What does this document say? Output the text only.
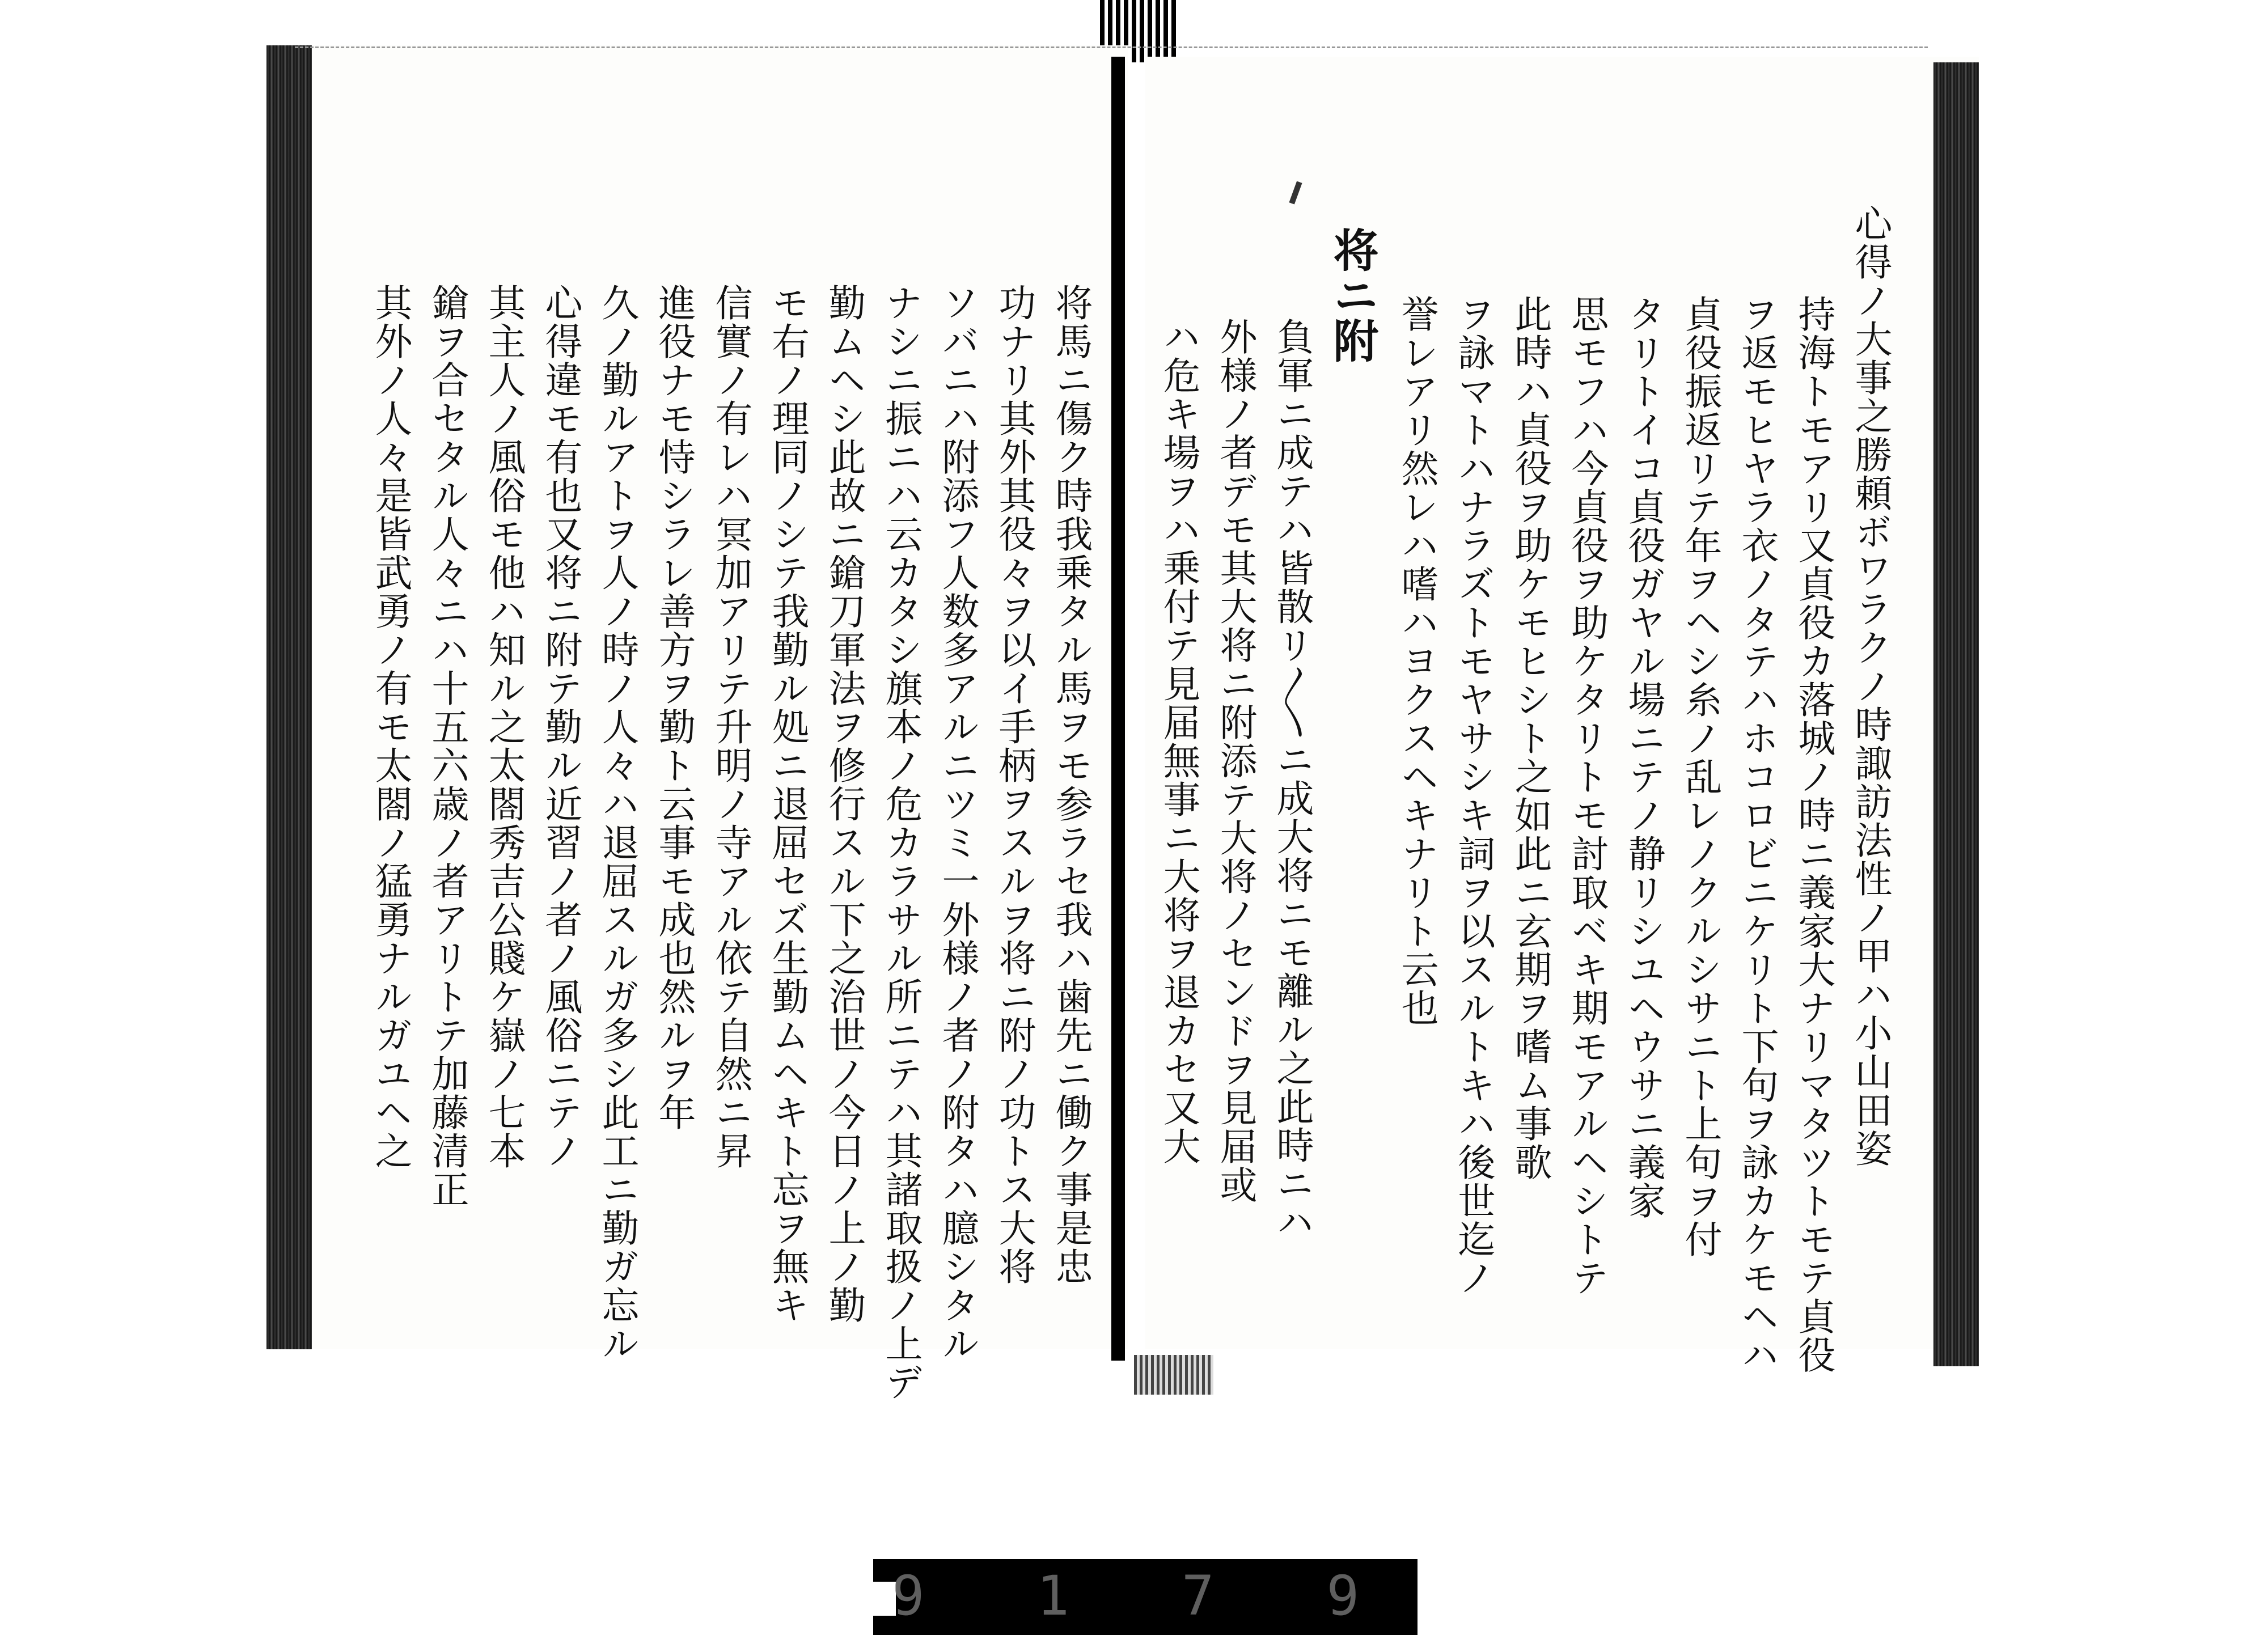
心得ノ大事之勝頼ボワラクノ時諏訪法性ノ甲ハ小山田姿
持海トモアリ又貞役カ落城ノ時ニ義家大ナリマタツトモテ貞役
ヲ返モヒヤラ衣ノタテハホコロビニケリト下句ヲ詠カケモヘハ
貞役振返リテ年ヲヘシ糸ノ乱レノクルシサニト上句ヲ付
タリトイコ貞役ガヤル場ニテノ静リシユヘウサニ義家
思モフハ今貞役ヲ助ケタリトモ討取ベキ期モアルヘシトテ
此時ハ貞役ヲ助ケモヒシト之如此ニ玄期ヲ嗜ム事歌
ヲ詠マトハナラズトモヤサシキ詞ヲ以スルトキハ後世迄ノ
誉レアリ然レハ嗜ハヨクスヘキナリト云也
将ニ附
負軍ニ成テハ皆散リ〳〵ニ成大将ニモ離ル之此時ニハ
外様ノ者デモ其大将ニ附添テ大将ノセンドヲ見届或
ハ危キ場ヲハ乗付テ見届無事ニ大将ヲ退カセ又大
将馬ニ傷ク時我乗タル馬ヲモ参ラセ我ハ歯先ニ働ク事是忠
功ナリ其外其役々ヲ以イ手柄ヲスルヲ将ニ附ノ功トス大将
ソバニハ附添フ人数多アルニツミ一外様ノ者ノ附タハ臆シタル
ナシニ振ニハ云カタシ旗本ノ危カラサル所ニテハ其諸取扱ノ上デ
勤ムヘシ此故ニ鎗刀軍法ヲ修行スル下之治世ノ今日ノ上ノ勤
モ右ノ理同ノシテ我勤ル処ニ退屈セズ生勤ムヘキト忘ヲ無キ
信實ノ有レハ冥加アリテ升明ノ寺アル依テ自然ニ昇
進役ナモ恃シラレ善方ヲ勤ト云事モ成也然ルヲ年
久ノ勤ルアトヲ人ノ時ノ人々ハ退屈スルガ多シ此工ニ勤ガ忘ル
心得違モ有也又将ニ附テ勤ル近習ノ者ノ風俗ニテノ
其主人ノ風俗モ他ハ知ル之太閤秀吉公賤ケ嶽ノ七本
鎗ヲ合セタル人々ニハ十五六歳ノ者アリトテ加藤清正
其外ノ人々是皆武勇ノ有モ太閤ノ猛勇ナルガユヘ之
9 1 7 9
